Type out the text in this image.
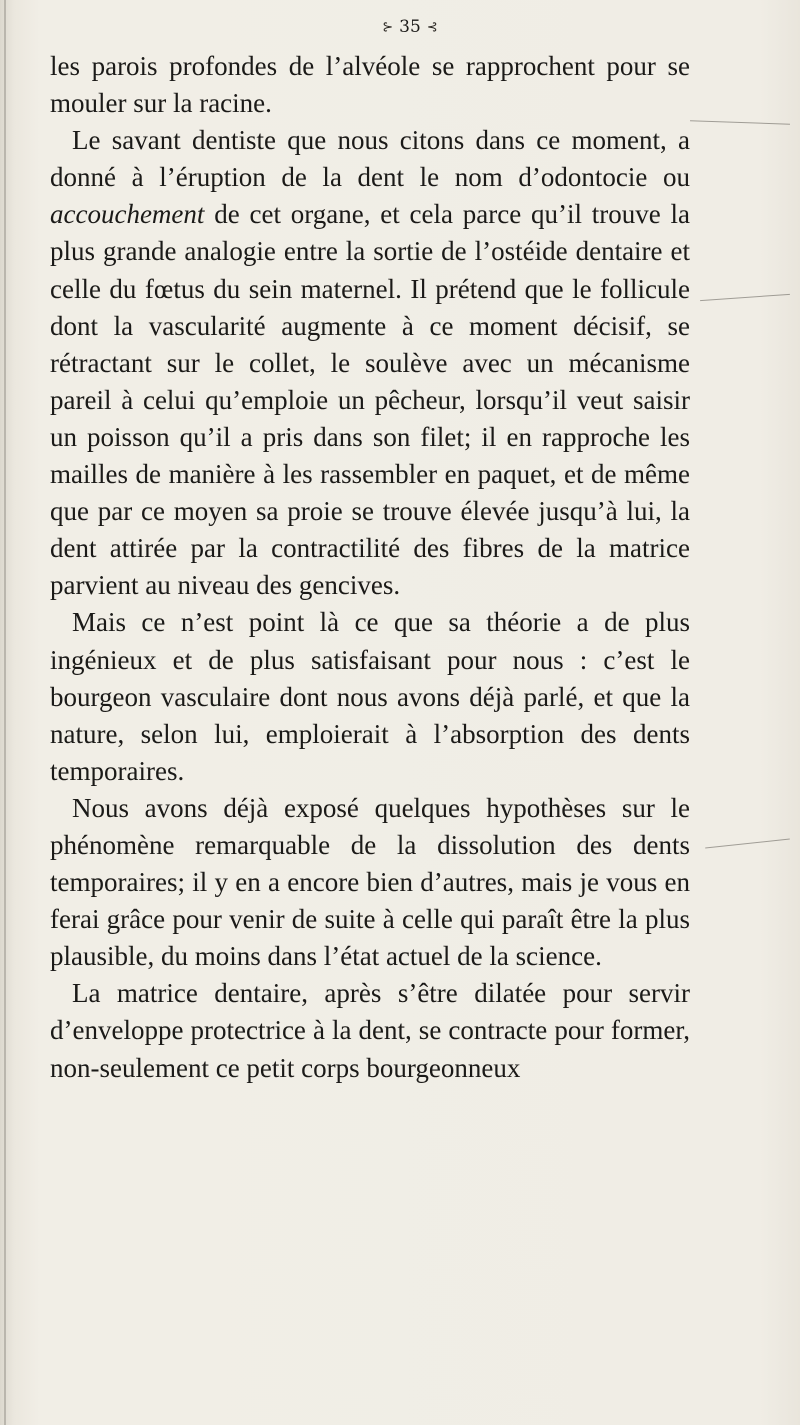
⊱ 35 ⊰

les parois profondes de l’alvéole se rapprochent pour se mouler sur la racine.

Le savant dentiste que nous citons dans ce moment, a donné à l’éruption de la dent le nom d’odontocie ou accouchement de cet organe, et cela parce qu’il trouve la plus grande analogie entre la sortie de l’ostéide dentaire et celle du fœtus du sein maternel. Il prétend que le follicule dont la vascularité augmente à ce moment décisif, se rétractant sur le collet, le soulève avec un mécanisme pareil à celui qu’emploie un pêcheur, lorsqu’il veut saisir un poisson qu’il a pris dans son filet; il en rapproche les mailles de manière à les rassembler en paquet, et de même que par ce moyen sa proie se trouve élevée jusqu’à lui, la dent attirée par la contractilité des fibres de la matrice parvient au niveau des gencives.

Mais ce n’est point là ce que sa théorie a de plus ingénieux et de plus satisfaisant pour nous : c’est le bourgeon vasculaire dont nous avons déjà parlé, et que la nature, selon lui, emploierait à l’absorption des dents temporaires.

Nous avons déjà exposé quelques hypothèses sur le phénomène remarquable de la dissolution des dents temporaires; il y en a encore bien d’autres, mais je vous en ferai grâce pour venir de suite à celle qui paraît être la plus plausible, du moins dans l’état actuel de la science.

La matrice dentaire, après s’être dilatée pour servir d’enveloppe protectrice à la dent, se contracte pour former, non-seulement ce petit corps bourgeonneux
